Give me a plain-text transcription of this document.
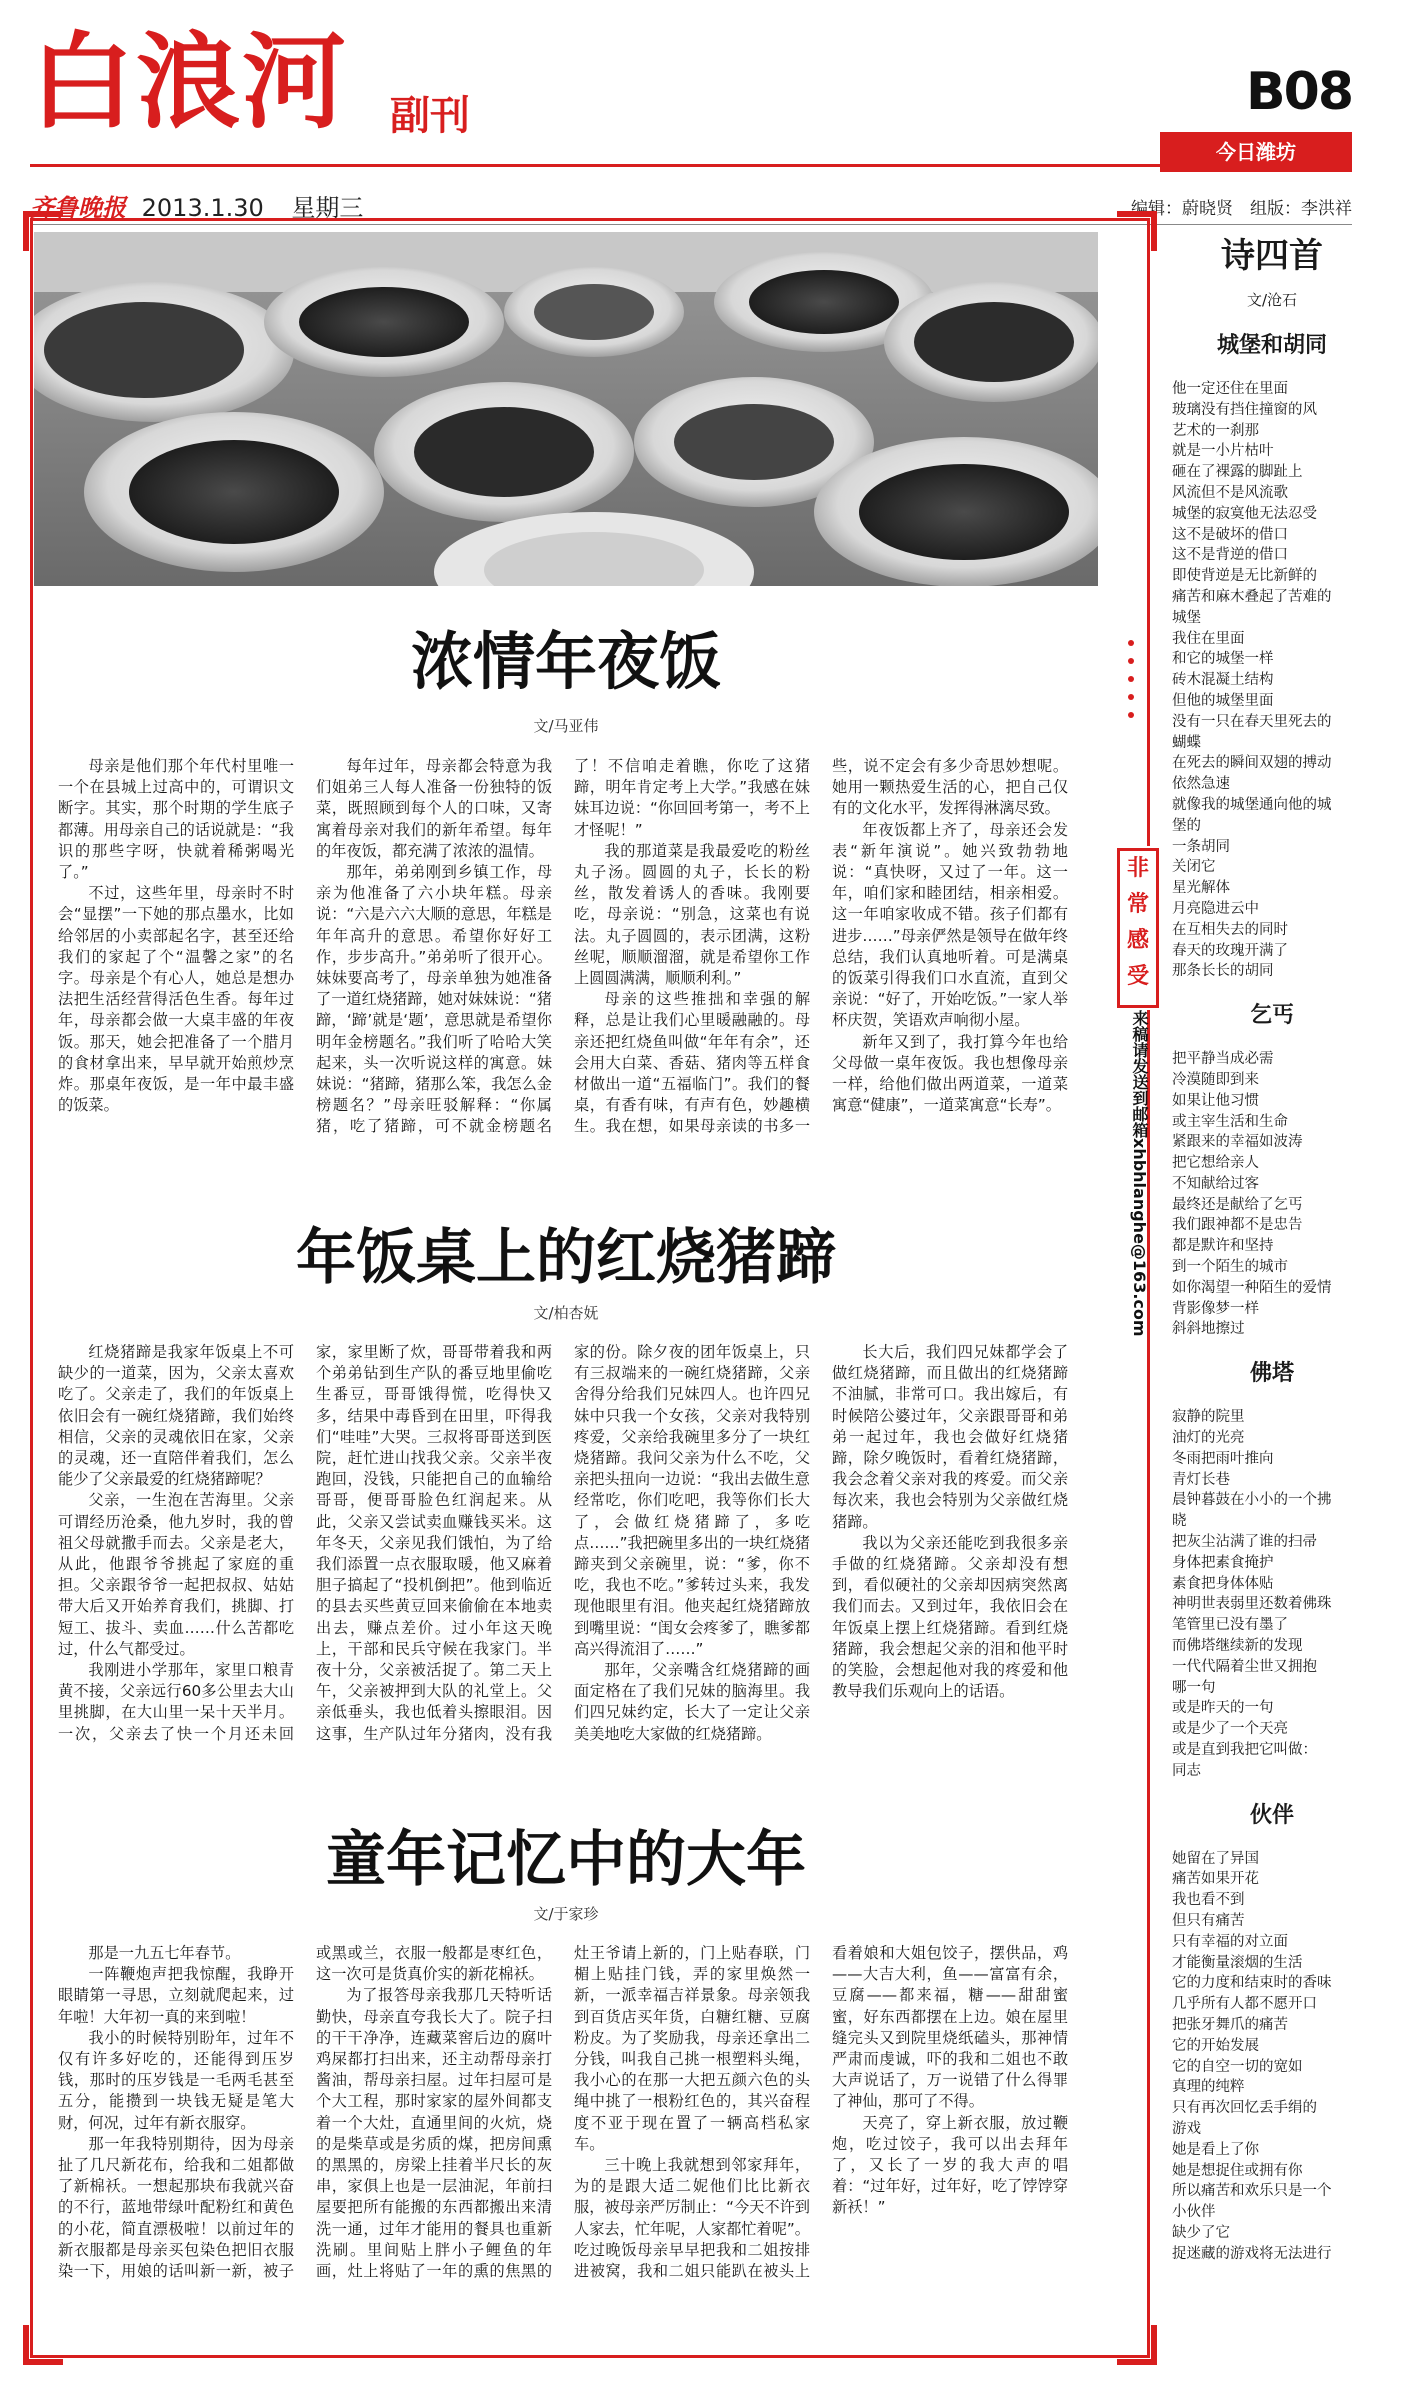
白浪河 副刊	B08
今日潍坊
齐鲁晚报 2013.1.30 星期三	编辑：蔚晓贤　组版：李洪祥
浓情年夜饭
文/马亚伟

母亲是他们那个年代村里唯一一个在县城上过高中的，可谓识文断字。其实，那个时期的学生底子都薄。用母亲自己的话说就是：“我识的那些字呀，快就着稀粥喝光了。”

不过，这些年里，母亲时不时会“显摆”一下她的那点墨水，比如给邻居的小卖部起名字，甚至还给我们的家起了个“温馨之家”的名字。母亲是个有心人，她总是想办法把生活经营得活色生香。每年过年，母亲都会做一大桌丰盛的年夜饭。那天，她会把准备了一个腊月的食材拿出来，早早就开始煎炒烹炸。那桌年夜饭，是一年中最丰盛的饭菜。

每年过年，母亲都会特意为我们姐弟三人每人准备一份独特的饭菜，既照顾到每个人的口味，又寄寓着母亲对我们的新年希望。每年的年夜饭，都充满了浓浓的温情。

那年，弟弟刚到乡镇工作，母亲为他准备了六小块年糕。母亲说：“六是六六大顺的意思，年糕是年年高升的意思。希望你好好工作，步步高升。”弟弟听了很开心。妹妹要高考了，母亲单独为她准备了一道红烧猪蹄，她对妹妹说：“猪蹄，‘蹄’就是‘题’，意思就是希望你明年金榜题名。”我们听了哈哈大笑起来，头一次听说这样的寓意。妹妹说：“猪蹄，猪那么笨，我怎么金榜题名？”母亲旺驳解释：“你属猪，吃了猪蹄，可不就金榜题名了！不信咱走着瞧，你吃了这猪蹄，明年肯定考上大学。”我感在妹妹耳边说：“你回回考第一，考不上才怪呢！”

我的那道菜是我最爱吃的粉丝丸子汤。圆圆的丸子，长长的粉丝，散发着诱人的香味。我刚要吃，母亲说：“别急，这菜也有说法。丸子圆圆的，表示团满，这粉丝呢，顺顺溜溜，就是希望你工作上圆圆满满，顺顺利利。”

母亲的这些推拙和幸强的解释，总是让我们心里暖融融的。母亲还把红烧鱼叫做“年年有余”，还会用大白菜、香菇、猪肉等五样食材做出一道“五福临门”。我们的餐桌，有香有味，有声有色，妙趣横生。我在想，如果母亲读的书多一些，说不定会有多少奇思妙想呢。她用一颗热爱生活的心，把自己仅有的文化水平，发挥得淋漓尽致。

年夜饭都上齐了，母亲还会发表“新年演说”。她兴致勃勃地说：“真快呀，又过了一年。这一年，咱们家和睦团结，相亲相爱。这一年咱家收成不错。孩子们都有进步……”母亲俨然是领导在做年终总结，我们认真地听着。可是满桌的饭菜引得我们口水直流，直到父亲说：“好了，开始吃饭。”一家人举杯庆贺，笑语欢声响彻小屋。

新年又到了，我打算今年也给父母做一桌年夜饭。我也想像母亲一样，给他们做出两道菜，一道菜寓意“健康”，一道菜寓意“长寿”。

年饭桌上的红烧猪蹄
文/柏杏妩

红烧猪蹄是我家年饭桌上不可缺少的一道菜，因为，父亲太喜欢吃了。父亲走了，我们的年饭桌上依旧会有一碗红烧猪蹄，我们始终相信，父亲的灵魂依旧在家，父亲的灵魂，还一直陪伴着我们，怎么能少了父亲最爱的红烧猪蹄呢？

父亲，一生泡在苦海里。父亲可谓经历沧桑，他九岁时，我的曾祖父母就撒手而去。父亲是老大，从此，他跟爷爷挑起了家庭的重担。父亲跟爷爷一起把叔叔、姑姑带大后又开始养育我们，挑脚、打短工、拔斗、卖血……什么苦都吃过，什么气都受过。

我刚进小学那年，家里口粮青黄不接，父亲远行60多公里去大山里挑脚，在大山里一呆十天半月。一次，父亲去了快一个月还未回家，家里断了炊，哥哥带着我和两个弟弟钻到生产队的番豆地里偷吃生番豆，哥哥饿得慌，吃得快又多，结果中毒昏到在田里，吓得我们“哇哇”大哭。三叔将哥哥送到医院，赶忙进山找我父亲。父亲半夜跑回，没钱，只能把自己的血输给哥哥，便哥哥脸色红润起来。从此，父亲又尝试卖血赚钱买米。这年冬天，父亲见我们饿怕，为了给我们添置一点衣服取暖，他又麻着胆子搞起了“投机倒把”。他到临近的县去买些黄豆回来偷偷在本地卖出去，赚点差价。过小年这天晚上，干部和民兵守候在我家门。半夜十分，父亲被活捉了。第二天上午，父亲被押到大队的礼堂上。父亲低垂头，我也低着头擦眼泪。因这事，生产队过年分猪肉，没有我家的份。除夕夜的团年饭桌上，只有三叔端来的一碗红烧猪蹄，父亲舍得分给我们兄妹四人。也许四兄妹中只我一个女孩，父亲对我特别疼爱，父亲给我碗里多分了一块红烧猪蹄。我问父亲为什么不吃，父亲把头扭向一边说：“我出去做生意经常吃，你们吃吧，我等你们长大了，会做红烧猪蹄了，多吃点……”我把碗里多出的一块红烧猪蹄夹到父亲碗里，说：“爹，你不吃，我也不吃。”爹转过头来，我发现他眼里有泪。他夹起红烧猪蹄放到嘴里说：“闺女会疼爹了，瞧爹都高兴得流泪了……”

那年，父亲嘴含红烧猪蹄的画面定格在了我们兄妹的脑海里。我们四兄妹约定，长大了一定让父亲美美地吃大家做的红烧猪蹄。

长大后，我们四兄妹都学会了做红烧猪蹄，而且做出的红烧猪蹄不油腻，非常可口。我出嫁后，有时候陪公婆过年，父亲跟哥哥和弟弟一起过年，我也会做好红烧猪蹄，除夕晚饭时，看着红烧猪蹄，我会念着父亲对我的疼爱。而父亲每次来，我也会特别为父亲做红烧猪蹄。

我以为父亲还能吃到我很多亲手做的红烧猪蹄。父亲却没有想到，看似硬社的父亲却因病突然离我们而去。又到过年，我依旧会在年饭桌上摆上红烧猪蹄。看到红烧猪蹄，我会想起父亲的泪和他平时的笑脸，会想起他对我的疼爱和他教导我们乐观向上的话语。

童年记忆中的大年
文/于家珍

那是一九五七年春节。

一阵鞭炮声把我惊醒，我睁开眼睛第一寻思，立刻就爬起来，过年啦！大年初一真的来到啦！

我小的时候特别盼年，过年不仅有许多好吃的，还能得到压岁钱，那时的压岁钱是一毛两毛甚至五分，能攒到一块钱无疑是笔大财，何况，过年有新衣服穿。

那一年我特别期待，因为母亲扯了几尺新花布，给我和二姐都做了新棉袄。一想起那块布我就兴奋的不行，蓝地带绿叶配粉红和黄色的小花，简直漂极啦！以前过年的新衣服都是母亲买包染色把旧衣服染一下，用娘的话叫新一新，被子或黑或兰，衣服一般都是枣红色，这一次可是货真价实的新花棉袄。

为了报答母亲我那几天特听话勤快，母亲直夸我长大了。院子扫的干干净净，连藏菜窖后边的腐叶鸡屎都打扫出来，还主动帮母亲打酱油，帮母亲扫屋。过年扫屋可是个大工程，那时家家的屋外间都支着一个大灶，直通里间的火炕，烧的是柴草或是劣质的煤，把房间熏的黑黑的，房梁上挂着半尺长的灰串，家俱上也是一层油泥，年前扫屋要把所有能搬的东西都搬出来清洗一通，过年才能用的餐具也重新洗刷。里间贴上胖小子鲤鱼的年画，灶上将贴了一年的熏的焦黑的灶王爷请上新的，门上贴春联，门楣上贴挂门钱，弄的家里焕然一新，一派幸福吉祥景象。母亲领我到百货店买年货，白糖红糖、豆腐粉皮。为了奖励我，母亲还拿出二分钱，叫我自己挑一根塑料头绳，我小心的在那一大把五颜六色的头绳中挑了一根粉红色的，其兴奋程度不亚于现在置了一辆高档私家车。

三十晚上我就想到邻家拜年，为的是跟大适二妮他们比比新衣服，被母亲严厉制止：“今天不许到人家去，忙年呢，人家都忙着呢”。吃过晚饭母亲早早把我和二姐按排进被窝，我和二姐只能趴在被头上看着娘和大姐包饺子，摆供品，鸡——大吉大利，鱼——富富有余，豆腐——都来福，糖——甜甜蜜蜜，好东西都摆在上边。娘在屋里缝完头又到院里烧纸磕头，那神情严肃而虔诚，吓的我和二姐也不敢大声说话了，万一说错了什么得罪了神仙，那可了不得。

天亮了，穿上新衣服，放过鞭炮，吃过饺子，我可以出去拜年了，又长了一岁的我大声的唱着：“过年好，过年好，吃了饽饽穿新袄！”

非
常
感
受
来稿请发送到邮箱xhbhlanghe@163.com
诗四首
文/沧石
城堡和胡同
他一定还住在里面
玻璃没有挡住撞窗的风
艺术的一刹那
就是一小片枯叶
砸在了裸露的脚趾上
风流但不是风流歌
城堡的寂寞他无法忍受
这不是破坏的借口
这不是背逆的借口
即使背逆是无比新鲜的
痛苦和麻木叠起了苦难的
城堡
我住在里面
和它的城堡一样
砖木混凝土结构
但他的城堡里面
没有一只在春天里死去的
蝴蝶
在死去的瞬间双翅的搏动
依然急速
就像我的城堡通向他的城
堡的
一条胡同
关闭它
星光解体
月亮隐进云中
在互相失去的同时
春天的玫瑰开满了
那条长长的胡同
乞丐
把平静当成必需
冷漠随即到来
如果让他习惯
或主宰生活和生命
紧跟来的幸福如波涛
把它想给亲人
不知献给过客
最终还是献给了乞丐
我们跟神都不是忠告
都是默许和坚持
到一个陌生的城市
如你渴望一种陌生的爱情
背影像梦一样
斜斜地擦过
佛塔
寂静的院里
油灯的光亮
冬雨把雨叶推向
青灯长巷
晨钟暮鼓在小小的一个拂
晓
把灰尘沾满了谁的扫帚
身体把素食掩护
素食把身体体贴
神明世表弱里还数着佛珠
笔管里已没有墨了
而佛塔继续新的发现
一代代隔着尘世又拥抱
哪一句
或是昨天的一句
或是少了一个天亮
或是直到我把它叫做：
同志
伙伴
她留在了异国
痛苦如果开花
我也看不到
但只有痛苦
只有幸福的对立面
才能衡量滚烟的生活
它的力度和结束时的香味
几乎所有人都不愿开口
把张牙舞爪的痛苦
它的开始发展
它的自空一切的宽如
真理的纯粹
只有再次回忆丢手绢的
游戏
她是看上了你
她是想捉住或拥有你
所以痛苦和欢乐只是一个
小伙伴
缺少了它
捉迷藏的游戏将无法进行
